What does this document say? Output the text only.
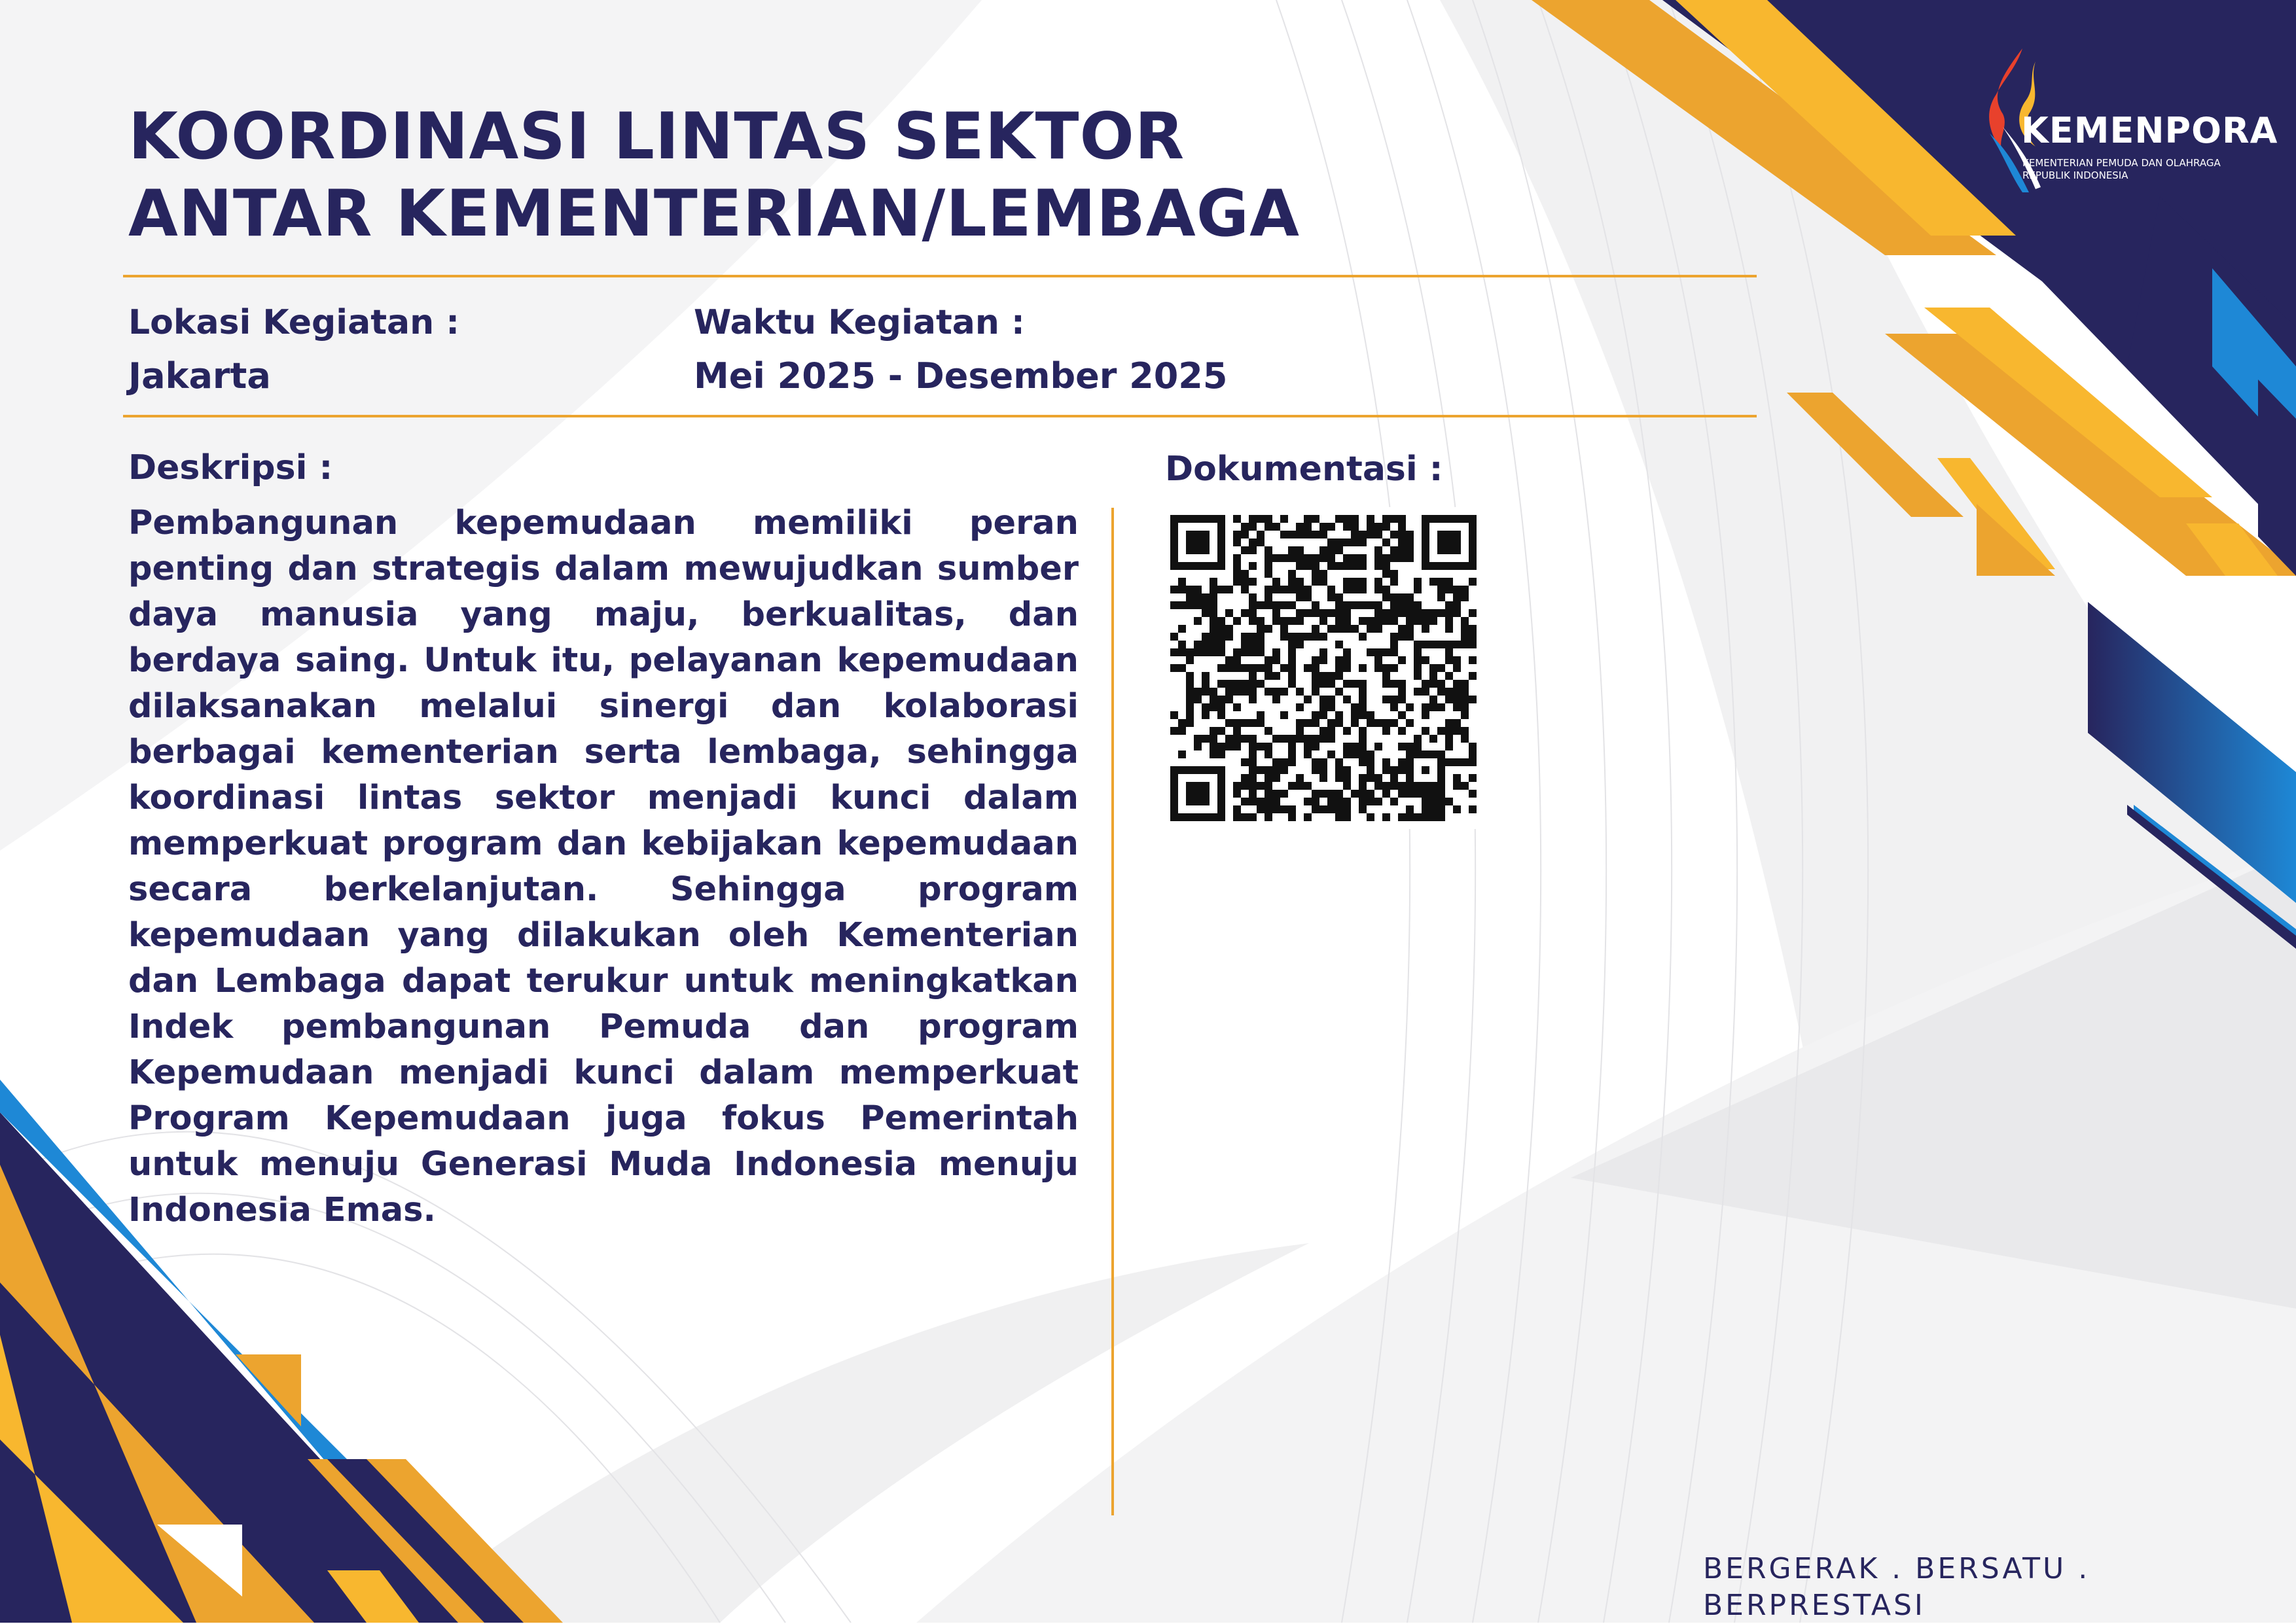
KEMENPORA
KEMENTERIAN PEMUDA DAN OLAHRAGA
REPUBLIK INDONESIA
KOORDINASI LINTAS SEKTOR
ANTAR KEMENTERIAN/LEMBAGA
Lokasi Kegiatan :
Jakarta
Waktu Kegiatan :
Mei 2025 - Desember 2025
Deskripsi :

Pembangunan kepemudaan memiliki peran penting dan strategis dalam mewujudkan sumber daya manusia yang maju, berkualitas, dan berdaya saing. Untuk itu, pelayanan kepemudaan dilaksanakan melalui sinergi dan kolaborasi berbagai kementerian serta lembaga, sehingga koordinasi lintas sektor menjadi kunci dalam memperkuat program dan kebijakan kepemudaan secara berkelanjutan. Sehingga program kepemudaan yang dilakukan oleh Kementerian dan Lembaga dapat terukur untuk meningkatkan Indek pembangunan Pemuda dan program Kepemudaan menjadi kunci dalam memperkuat Program Kepemudaan juga fokus Pemerintah untuk menuju Generasi Muda Indonesia menuju Indonesia Emas.

Dokumentasi :
BERGERAK . BERSATU . BERPRESTASI
